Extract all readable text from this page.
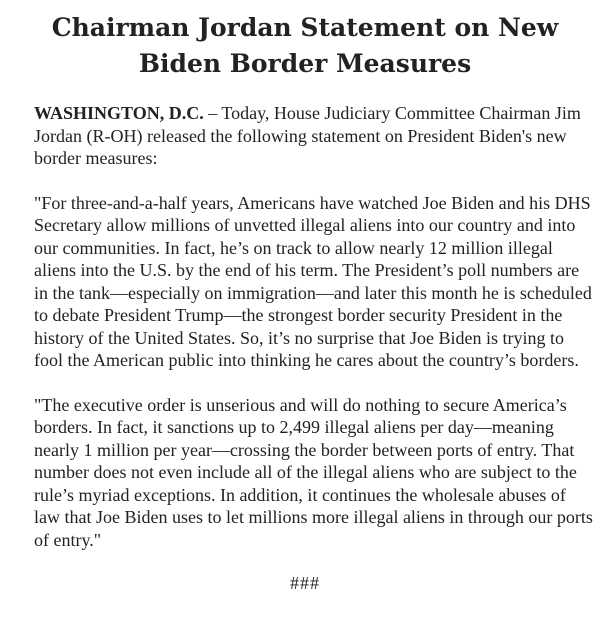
Chairman Jordan Statement on New Biden Border Measures

WASHINGTON, D.C. – Today, House Judiciary Committee Chairman Jim Jordan (R-OH) released the following statement on President Biden's new border measures:

"For three-and-a-half years, Americans have watched Joe Biden and his DHS Secretary allow millions of unvetted illegal aliens into our country and into our communities. In fact, he’s on track to allow nearly 12 million illegal aliens into the U.S. by the end of his term. The President’s poll numbers are in the tank—especially on immigration—and later this month he is scheduled to debate President Trump—the strongest border security President in the history of the United States. So, it’s no surprise that Joe Biden is trying to fool the American public into thinking he cares about the country’s borders.

"The executive order is unserious and will do nothing to secure America’s borders. In fact, it sanctions up to 2,499 illegal aliens per day—meaning nearly 1 million per year—crossing the border between ports of entry. That number does not even include all of the illegal aliens who are subject to the rule’s myriad exceptions. In addition, it continues the wholesale abuses of law that Joe Biden uses to let millions more illegal aliens in through our ports of entry."

###
